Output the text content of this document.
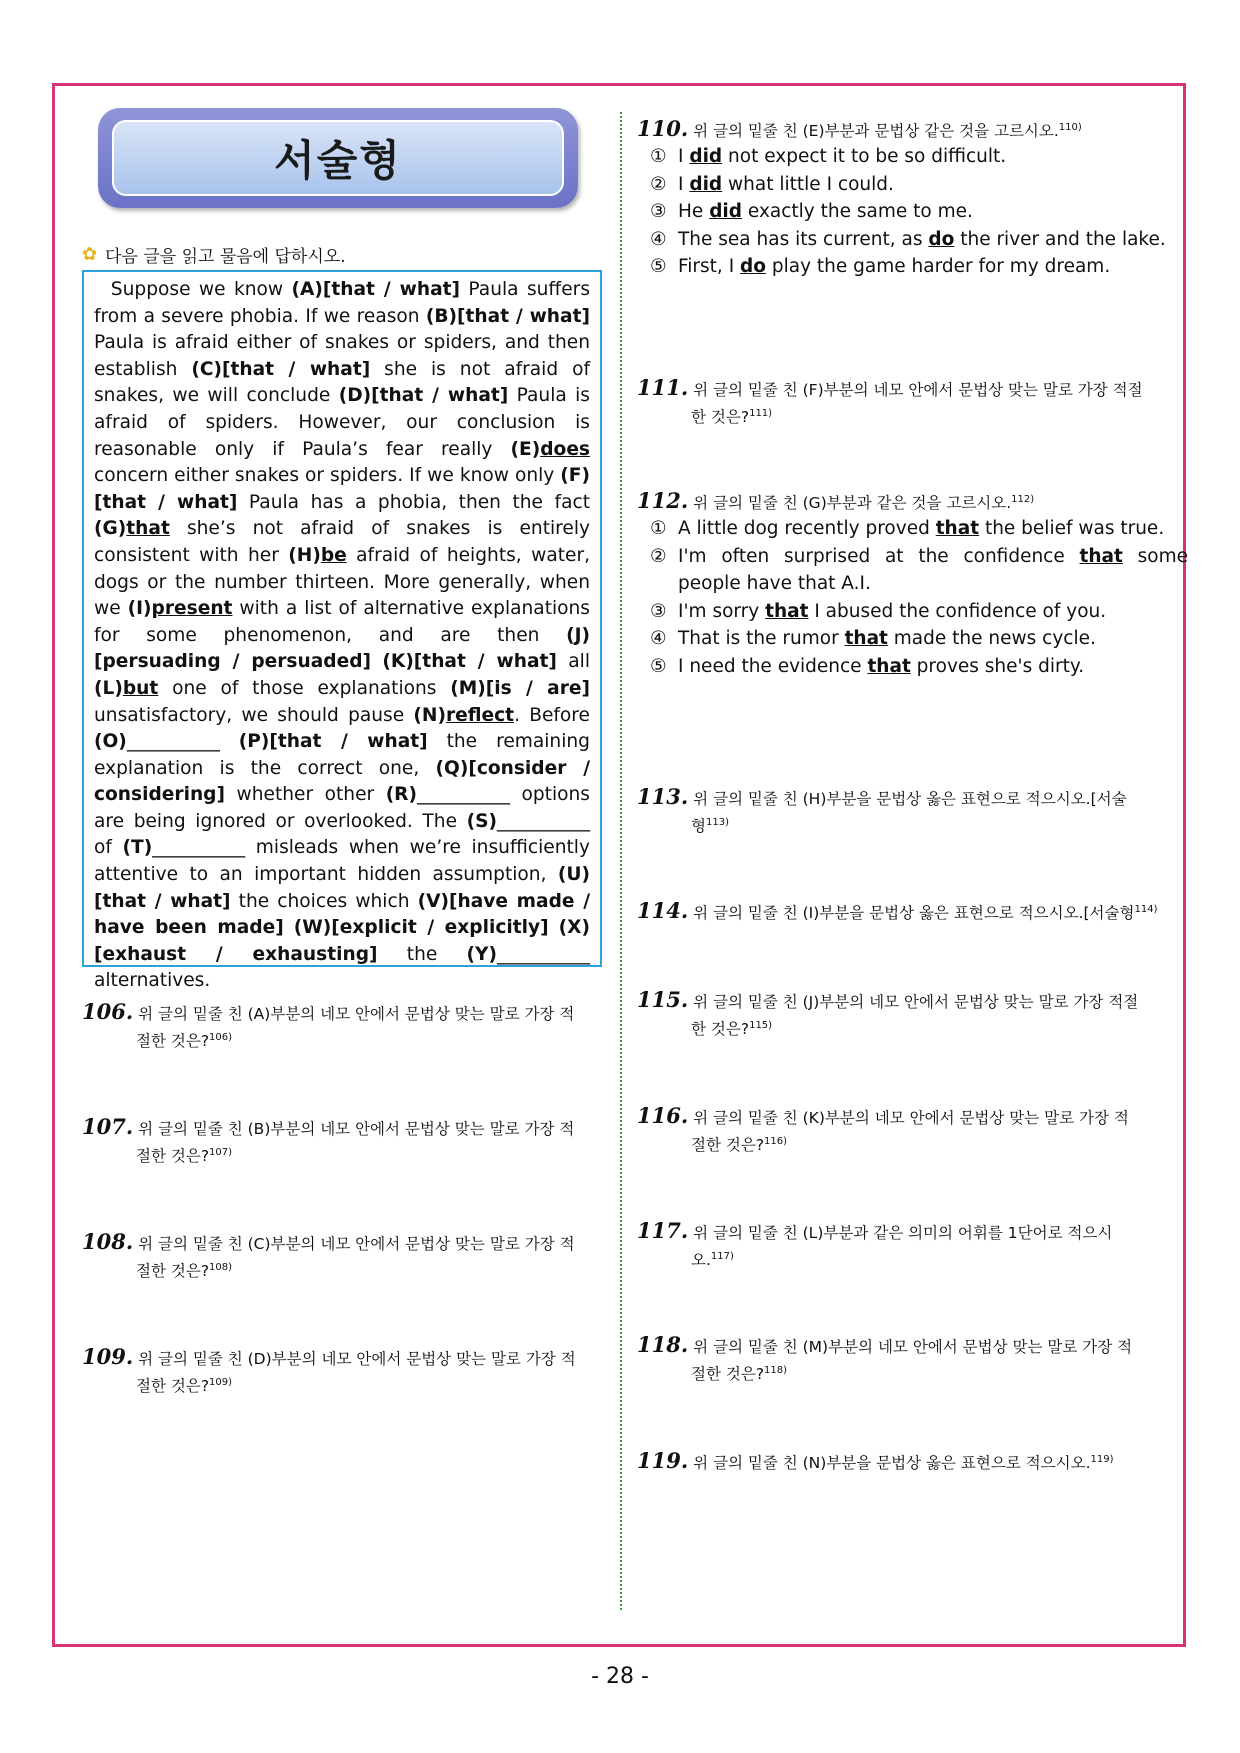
서술형
✿ 다음 글을 읽고 물음에 답하시오.
Suppose we know (A)[that / what] Paula suffers from a severe phobia. If we reason (B)[that / what] Paula is afraid either of snakes or spiders, and then establish (C)[that / what] she is not afraid of snakes, we will conclude (D)[that / what] Paula is afraid of spiders. However, our conclusion is reasonable only if Paula’s fear really (E)does concern either snakes or spiders. If we know only (F)[that / what] Paula has a phobia, then the fact (G)that she’s not afraid of snakes is entirely consistent with her (H)be afraid of heights, water, dogs or the number thirteen. More generally, when we (I)present with a list of alternative explanations for some phenomenon, and are then (J)[persuading / persuaded] (K)[that / what] all (L)but one of those explanations (M)[is / are] unsatisfactory, we should pause (N)reflect. Before (O)__________ (P)[that / what] the remaining explanation is the correct one, (Q)[consider / considering] whether other (R)__________ options are being ignored or overlooked. The (S)__________ of (T)__________ misleads when we’re insufficiently attentive to an important hidden assumption, (U)[that / what] the choices which (V)[have made / have been made] (W)[explicit / explicitly] (X)[exhaust / exhausting] the (Y)__________ alternatives.
106. 위 글의 밑줄 친 (A)부분의 네모 안에서 문법상 맞는 말로 가장 적
절한 것은?$^{106)}$
107. 위 글의 밑줄 친 (B)부분의 네모 안에서 문법상 맞는 말로 가장 적
절한 것은?$^{107)}$
108. 위 글의 밑줄 친 (C)부분의 네모 안에서 문법상 맞는 말로 가장 적
절한 것은?$^{108)}$
109. 위 글의 밑줄 친 (D)부분의 네모 안에서 문법상 맞는 말로 가장 적
절한 것은?$^{109)}$
110. 위 글의 밑줄 친 (E)부분과 문법상 같은 것을 고르시오.$^{110)}$
① I did not expect it to be so difficult.
② I did what little I could.
③ He did exactly the same to me.
④ The sea has its current, as do the river and the lake.
⑤ First, I do play the game harder for my dream.
111. 위 글의 밑줄 친 (F)부분의 네모 안에서 문법상 맞는 말로 가장 적절
한 것은?$^{111)}$
112. 위 글의 밑줄 친 (G)부분과 같은 것을 고르시오.$^{112)}$
① A little dog recently proved that the belief was true.
② I'm often surprised at the confidence that some people have that A.I.
③ I'm sorry that I abused the confidence of you.
④ That is the rumor that made the news cycle.
⑤ I need the evidence that proves she's dirty.
113. 위 글의 밑줄 친 (H)부분을 문법상 옳은 표현으로 적으시오.[서술
형$^{113)}$
114. 위 글의 밑줄 친 (I)부분을 문법상 옳은 표현으로 적으시오.[서술형$^{114)}$
115. 위 글의 밑줄 친 (J)부분의 네모 안에서 문법상 맞는 말로 가장 적절
한 것은?$^{115)}$
116. 위 글의 밑줄 친 (K)부분의 네모 안에서 문법상 맞는 말로 가장 적
절한 것은?$^{116)}$
117. 위 글의 밑줄 친 (L)부분과 같은 의미의 어휘를 1단어로 적으시
오.$^{117)}$
118. 위 글의 밑줄 친 (M)부분의 네모 안에서 문법상 맞는 말로 가장 적
절한 것은?$^{118)}$
119. 위 글의 밑줄 친 (N)부분을 문법상 옳은 표현으로 적으시오.$^{119)}$
- 28 -
